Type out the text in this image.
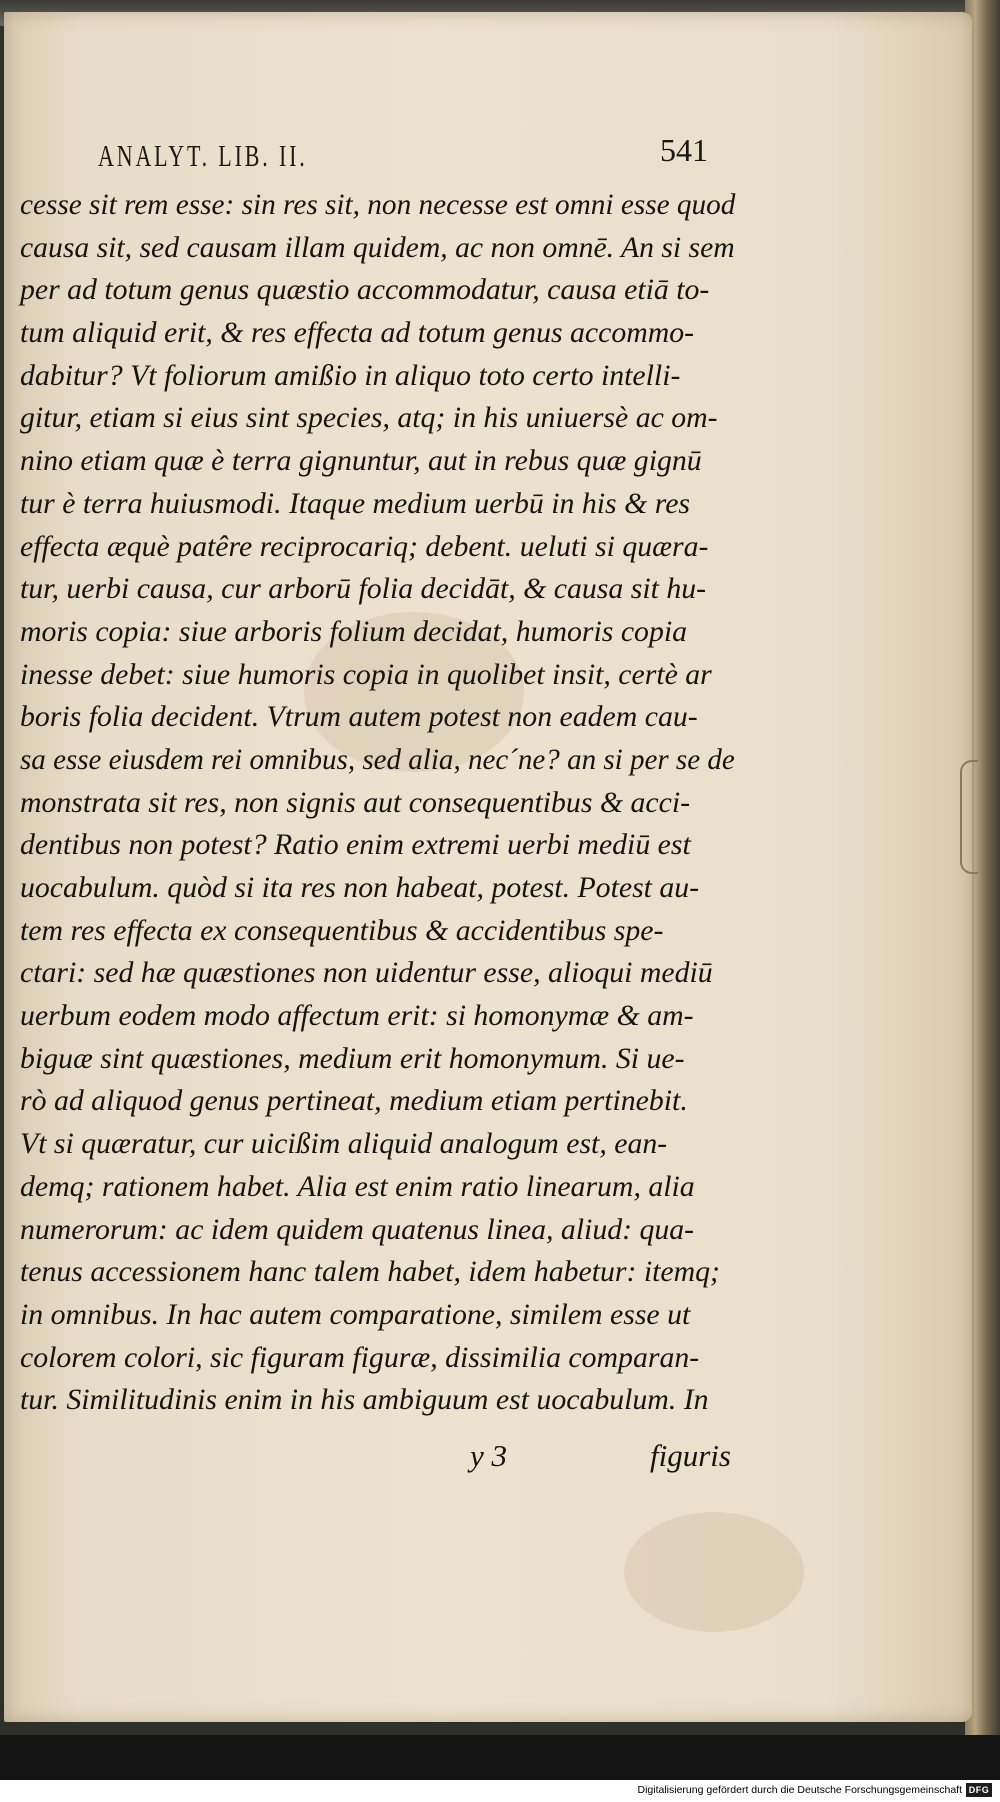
ANALYT. LIB. II.	541
cesse sit rem esse: sin res sit, non necesse est omni esse quod
causa sit, sed causam illam quidem, ac non omnē. An si sem
per ad totum genus quæstio accommodatur, causa etiā to-
tum aliquid erit, & res effecta ad totum genus accommo-
dabitur? Vt foliorum amißio in aliquo toto certo intelli-
gitur, etiam si eius sint species, atq; in his uniuersè ac om-
nino etiam quæ è terra gignuntur, aut in rebus quæ gignū
tur è terra huiusmodi. Itaque medium uerbū in his & res
effecta æquè patêre reciprocariq; debent. ueluti si quæra-
tur, uerbi causa, cur arborū folia decidāt, & causa sit hu-
moris copia: siue arboris folium decidat, humoris copia
inesse debet: siue humoris copia in quolibet insit, certè ar
boris folia decident. Vtrum autem potest non eadem cau-
sa esse eiusdem rei omnibus, sed alia, nec´ne? an si per se de
monstrata sit res, non signis aut consequentibus & acci-
dentibus non potest? Ratio enim extremi uerbi mediū est
uocabulum. quòd si ita res non habeat, potest. Potest au-
tem res effecta ex consequentibus & accidentibus spe-
ctari: sed hæ quæstiones non uidentur esse, alioqui mediū
uerbum eodem modo affectum erit: si homonymæ & am-
biguæ sint quæstiones, medium erit homonymum. Si ue-
rò ad aliquod genus pertineat, medium etiam pertinebit.
Vt si quæratur, cur uicißim aliquid analogum est, ean-
demq; rationem habet. Alia est enim ratio linearum, alia
numerorum: ac idem quidem quatenus linea, aliud: qua-
tenus accessionem hanc talem habet, idem habetur: itemq;
in omnibus. In hac autem comparatione, similem esse ut
colorem colori, sic figuram figuræ, dissimilia comparan-
tur. Similitudinis enim in his ambiguum est uocabulum. In
y 3	figuris
Digitalisierung gefördert durch die Deutsche Forschungsgemeinschaft DFG
